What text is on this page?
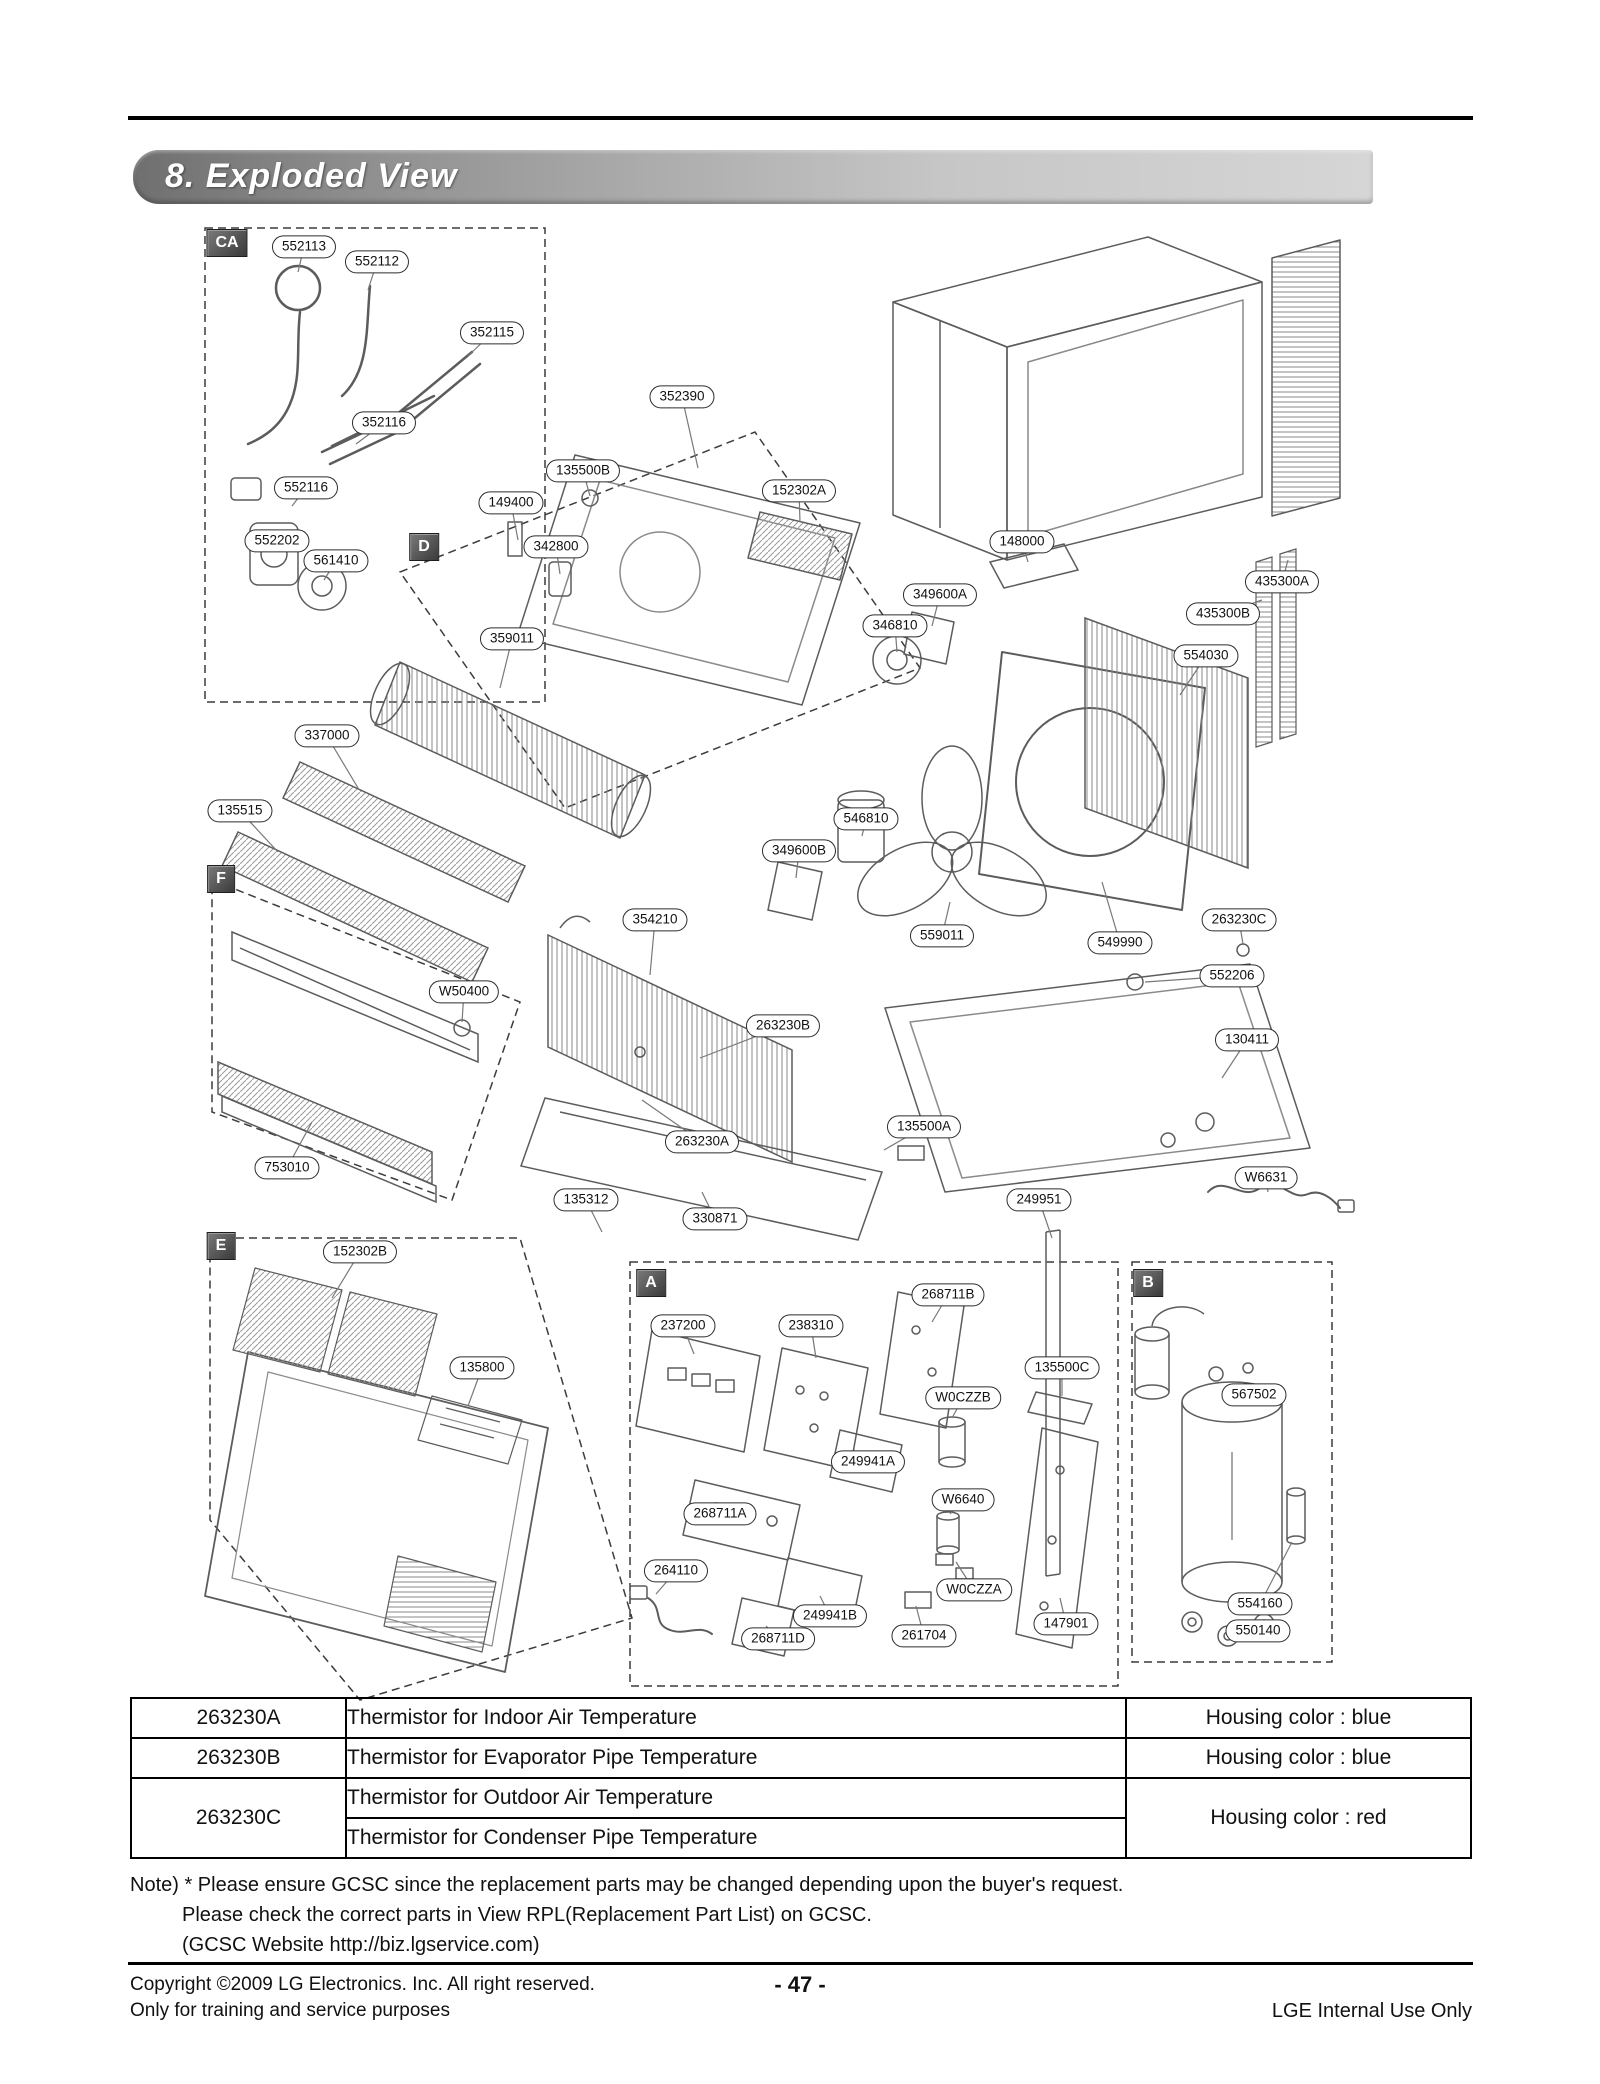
8. Exploded View
552113
552112
352115
352116
552116
552202
561410
352390
135500B
149400
152302A
342800	148000
435300A
435300B
349600A
346810
554030
359011
337000
135515
546810
349600B
354210
559011
263230C
549990
552206
W50400
130411
263230B
263230A
135500A
753010
W6631
135312
330871
249951
152302B
268711B
237200	238310
135500C
W0CZZB
135800
567502
249941A
268711A
W6640
264110
W0CZZA
249941B
268711D	261704
147901
554160
550140
CA
D
F
E
A	B
263230A	Thermistor for Indoor Air Temperature	Housing color : blue
263230B	Thermistor for Evaporator Pipe Temperature	Housing color : blue
263230C	Thermistor for Outdoor Air Temperature	Housing color : red
	Thermistor for Condenser Pipe Temperature	
Note) * Please ensure GCSC since the replacement parts may be changed depending upon the buyer's request.
Please check the correct parts in View RPL(Replacement Part List) on GCSC.
(GCSC Website http://biz.lgservice.com)
Copyright ©2009 LG Electronics. Inc. All right reserved.
Only for training and service purposes
- 47 -
LGE Internal Use Only
